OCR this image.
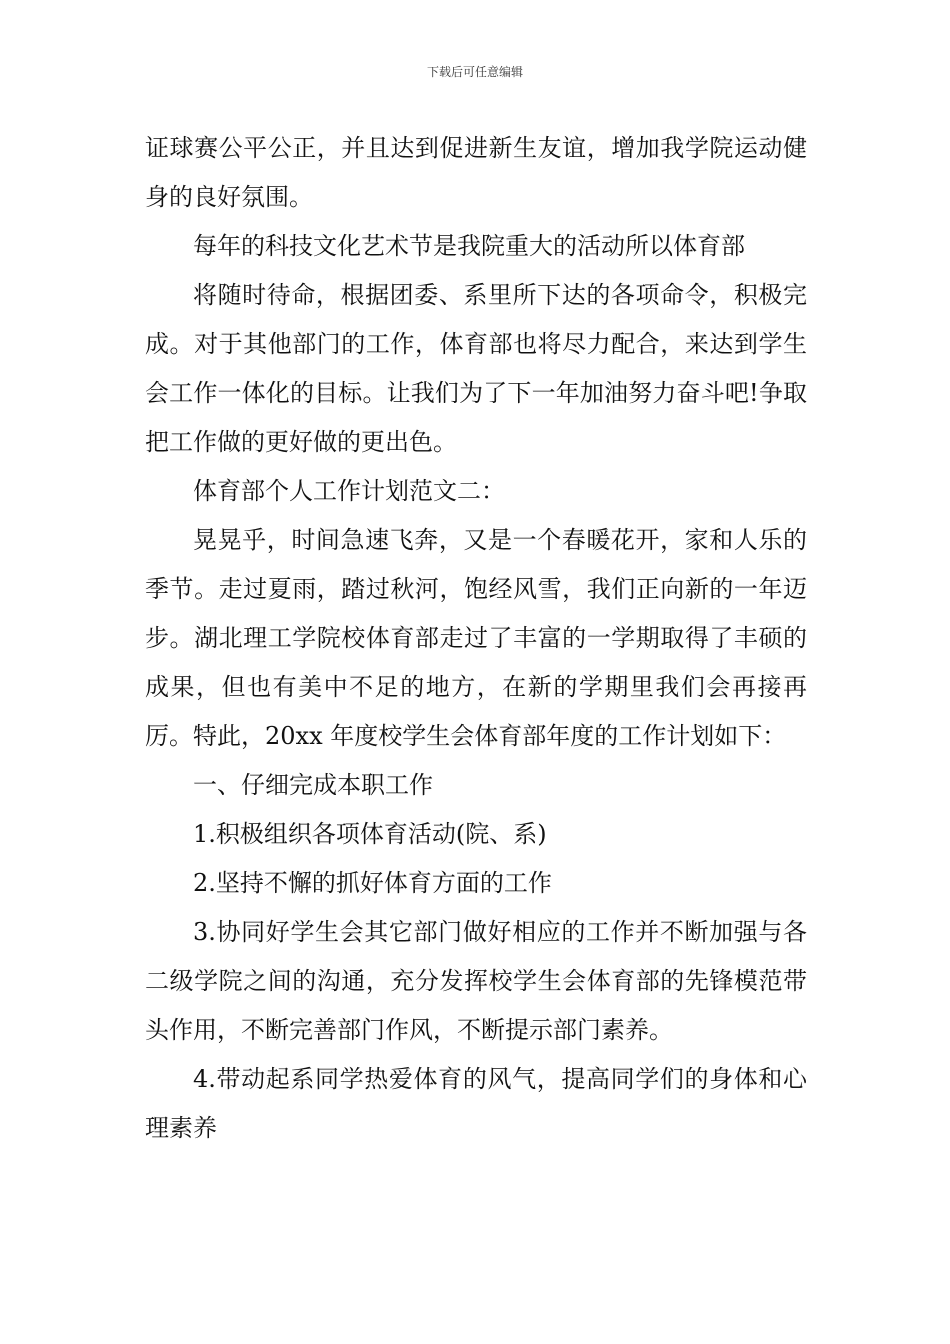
下载后可任意编辑

证球赛公平公正，并且达到促进新生友谊，增加我学院运动健身的良好氛围。

每年的科技文化艺术节是我院重大的活动所以体育部

将随时待命，根据团委、系里所下达的各项命令，积极完成。对于其他部门的工作，体育部也将尽力配合，来达到学生会工作一体化的目标。让我们为了下一年加油努力奋斗吧!争取把工作做的更好做的更出色。

体育部个人工作计划范文二：

晃晃乎，时间急速飞奔，又是一个春暖花开，家和人乐的季节。走过夏雨，踏过秋河，饱经风雪，我们正向新的一年迈步。湖北理工学院校体育部走过了丰富的一学期取得了丰硕的成果，但也有美中不足的地方，在新的学期里我们会再接再厉。特此，20xx 年度校学生会体育部年度的工作计划如下：

一、仔细完成本职工作

1.积极组织各项体育活动(院、系)

2.坚持不懈的抓好体育方面的工作

3.协同好学生会其它部门做好相应的工作并不断加强与各二级学院之间的沟通，充分发挥校学生会体育部的先锋模范带头作用，不断完善部门作风，不断提示部门素养。

4.带动起系同学热爱体育的风气，提高同学们的身体和心理素养
